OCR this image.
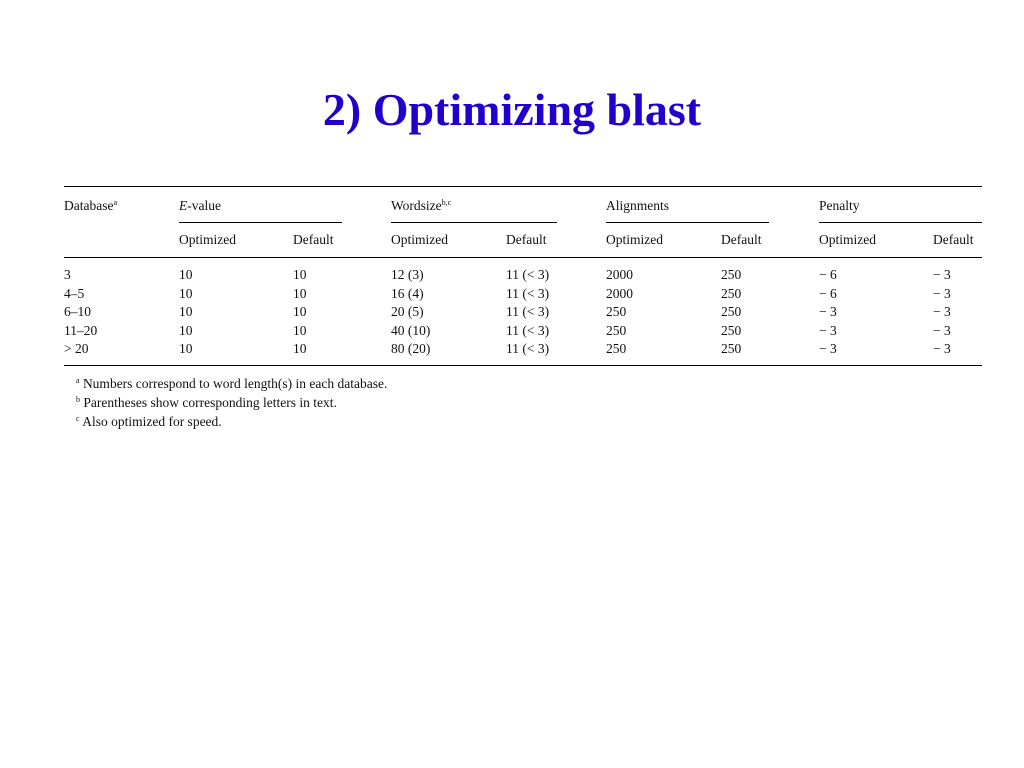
2) Optimizing blast
Database$^a$	E-value	Wordsize$^{b,c}$	Alignments	Penalty
Optimized	Default	Optimized	Default	Optimized	Default	Optimized	Default
3	10	10	12 (3)	11 (< 3)	2000	250	− 6	− 3
4–5	10	10	16 (4)	11 (< 3)	2000	250	− 6	− 3
6–10	10	10	20 (5)	11 (< 3)	250	250	− 3	− 3
11–20	10	10	40 (10)	11 (< 3)	250	250	− 3	− 3
> 20	10	10	80 (20)	11 (< 3)	250	250	− 3	− 3
$^a$ Numbers correspond to word length(s) in each database.
$^b$ Parentheses show corresponding letters in text.
$^c$ Also optimized for speed.
